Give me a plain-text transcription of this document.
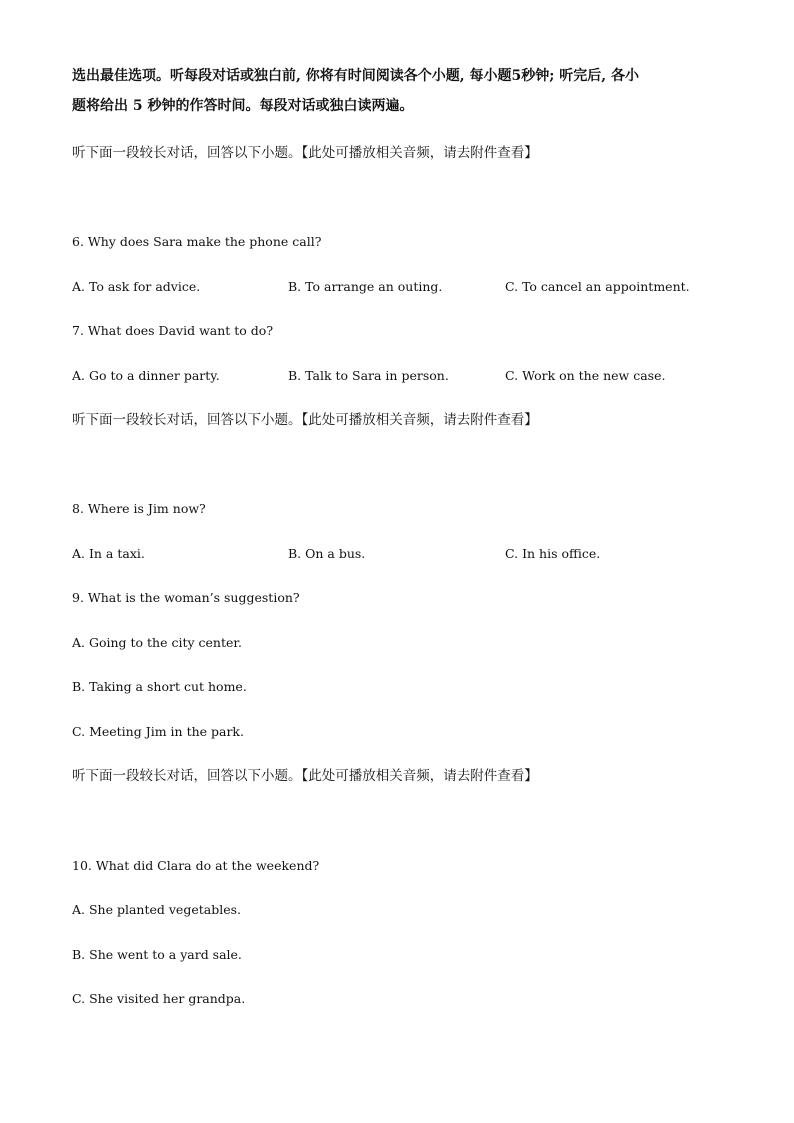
选出最佳选项。听每段对话或独白前, 你将有时间阅读各个小题, 每小题5秒钟; 听完后, 各小
题将给出 5 秒钟的作答时间。每段对话或独白读两遍。
听下面一段较长对话，回答以下小题。【此处可播放相关音频，请去附件查看】
6. Why does Sara make the phone call?
A. To ask for advice.	B. To arrange an outing.	C. To cancel an appointment.
7. What does David want to do?
A. Go to a dinner party.	B. Talk to Sara in person.	C. Work on the new case.
听下面一段较长对话，回答以下小题。【此处可播放相关音频，请去附件查看】
8. Where is Jim now?
A. In a taxi.	B. On a bus.	C. In his office.
9. What is the woman’s suggestion?
A. Going to the city center.
B. Taking a short cut home.
C. Meeting Jim in the park.
听下面一段较长对话，回答以下小题。【此处可播放相关音频，请去附件查看】
10. What did Clara do at the weekend?
A. She planted vegetables.
B. She went to a yard sale.
C. She visited her grandpa.
